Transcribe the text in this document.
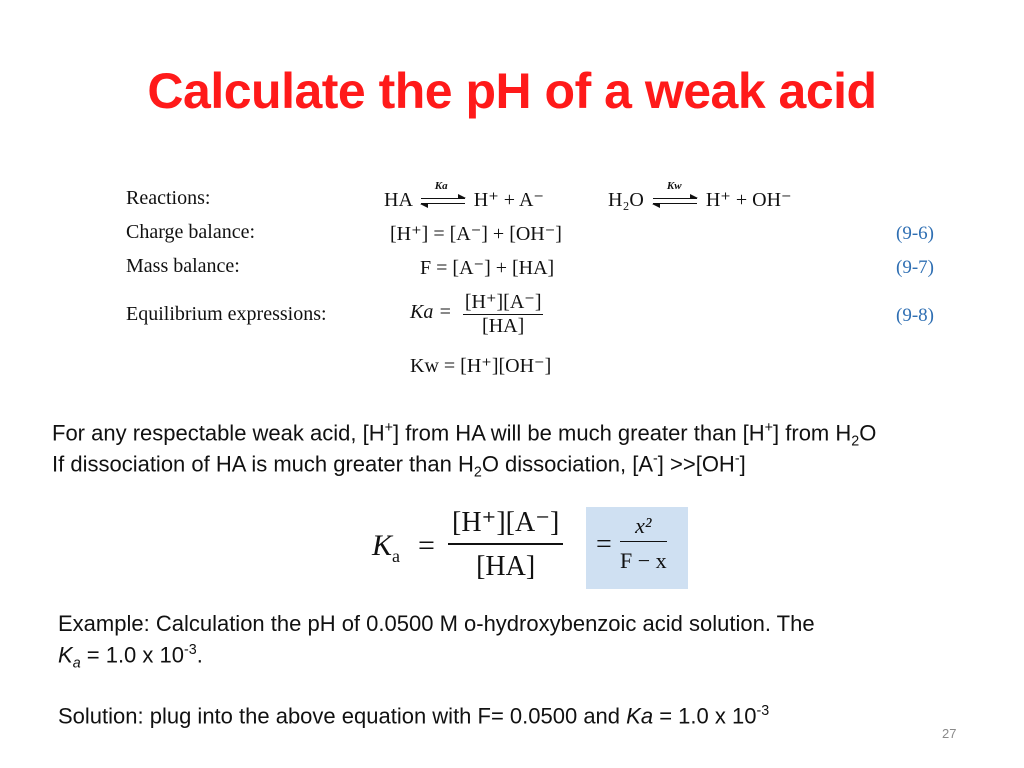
Calculate the pH of a weak acid
Reactions:
Charge balance:
Mass balance:
Equilibrium expressions:
HA
Ka
H⁺ + A⁻	H₂O
Kw
H⁺ + OH⁻
[H⁺] = [A⁻] + [OH⁻]
F = [A⁻] + [HA]
$Ka = \frac{[H^+][A^-]}{[HA]}$
Kw = [H⁺][OH⁻]
(9-6)
(9-7)
(9-8)
For any respectable weak acid, [H+] from HA will be much greater than [H+] from $H_2O$
If dissociation of HA is much greater than $H_2O$ dissociation, [A-] >>[OH-]
$K_a = \frac{[H^+][A^-]}{[HA]} = \frac{\text{x²}}{F - x}$
Example: Calculation the pH of 0.0500 M o-hydroxybenzoic acid solution. The
$K_a = 1.0$ x $10^{-3}$.
Solution: plug into the above equation with F= 0.0500 and Ka = 1.0 x $10^{-3}$
27
